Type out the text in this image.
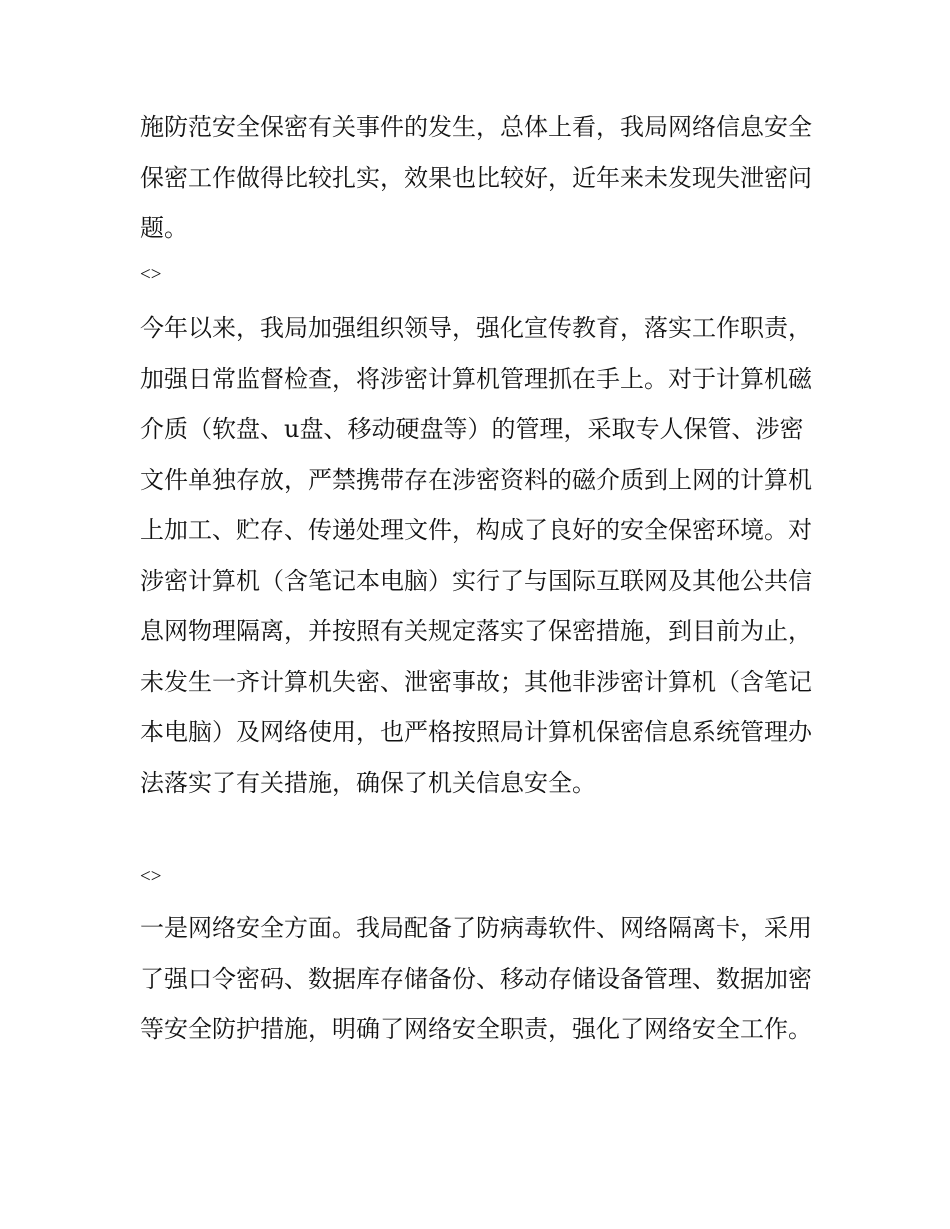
施防范安全保密有关事件的发生，总体上看，我局网络信息安全保密工作做得比较扎实，效果也比较好，近年来未发现失泄密问题。

<>

今年以来，我局加强组织领导，强化宣传教育，落实工作职责，加强日常监督检查，将涉密计算机管理抓在手上。对于计算机磁介质（软盘、u盘、移动硬盘等）的管理，采取专人保管、涉密文件单独存放，严禁携带存在涉密资料的磁介质到上网的计算机上加工、贮存、传递处理文件，构成了良好的安全保密环境。对涉密计算机（含笔记本电脑）实行了与国际互联网及其他公共信息网物理隔离，并按照有关规定落实了保密措施，到目前为止，未发生一齐计算机失密、泄密事故；其他非涉密计算机（含笔记本电脑）及网络使用，也严格按照局计算机保密信息系统管理办法落实了有关措施，确保了机关信息安全。

<>

一是网络安全方面。我局配备了防病毒软件、网络隔离卡，采用了强口令密码、数据库存储备份、移动存储设备管理、数据加密等安全防护措施，明确了网络安全职责，强化了网络安全工作。
